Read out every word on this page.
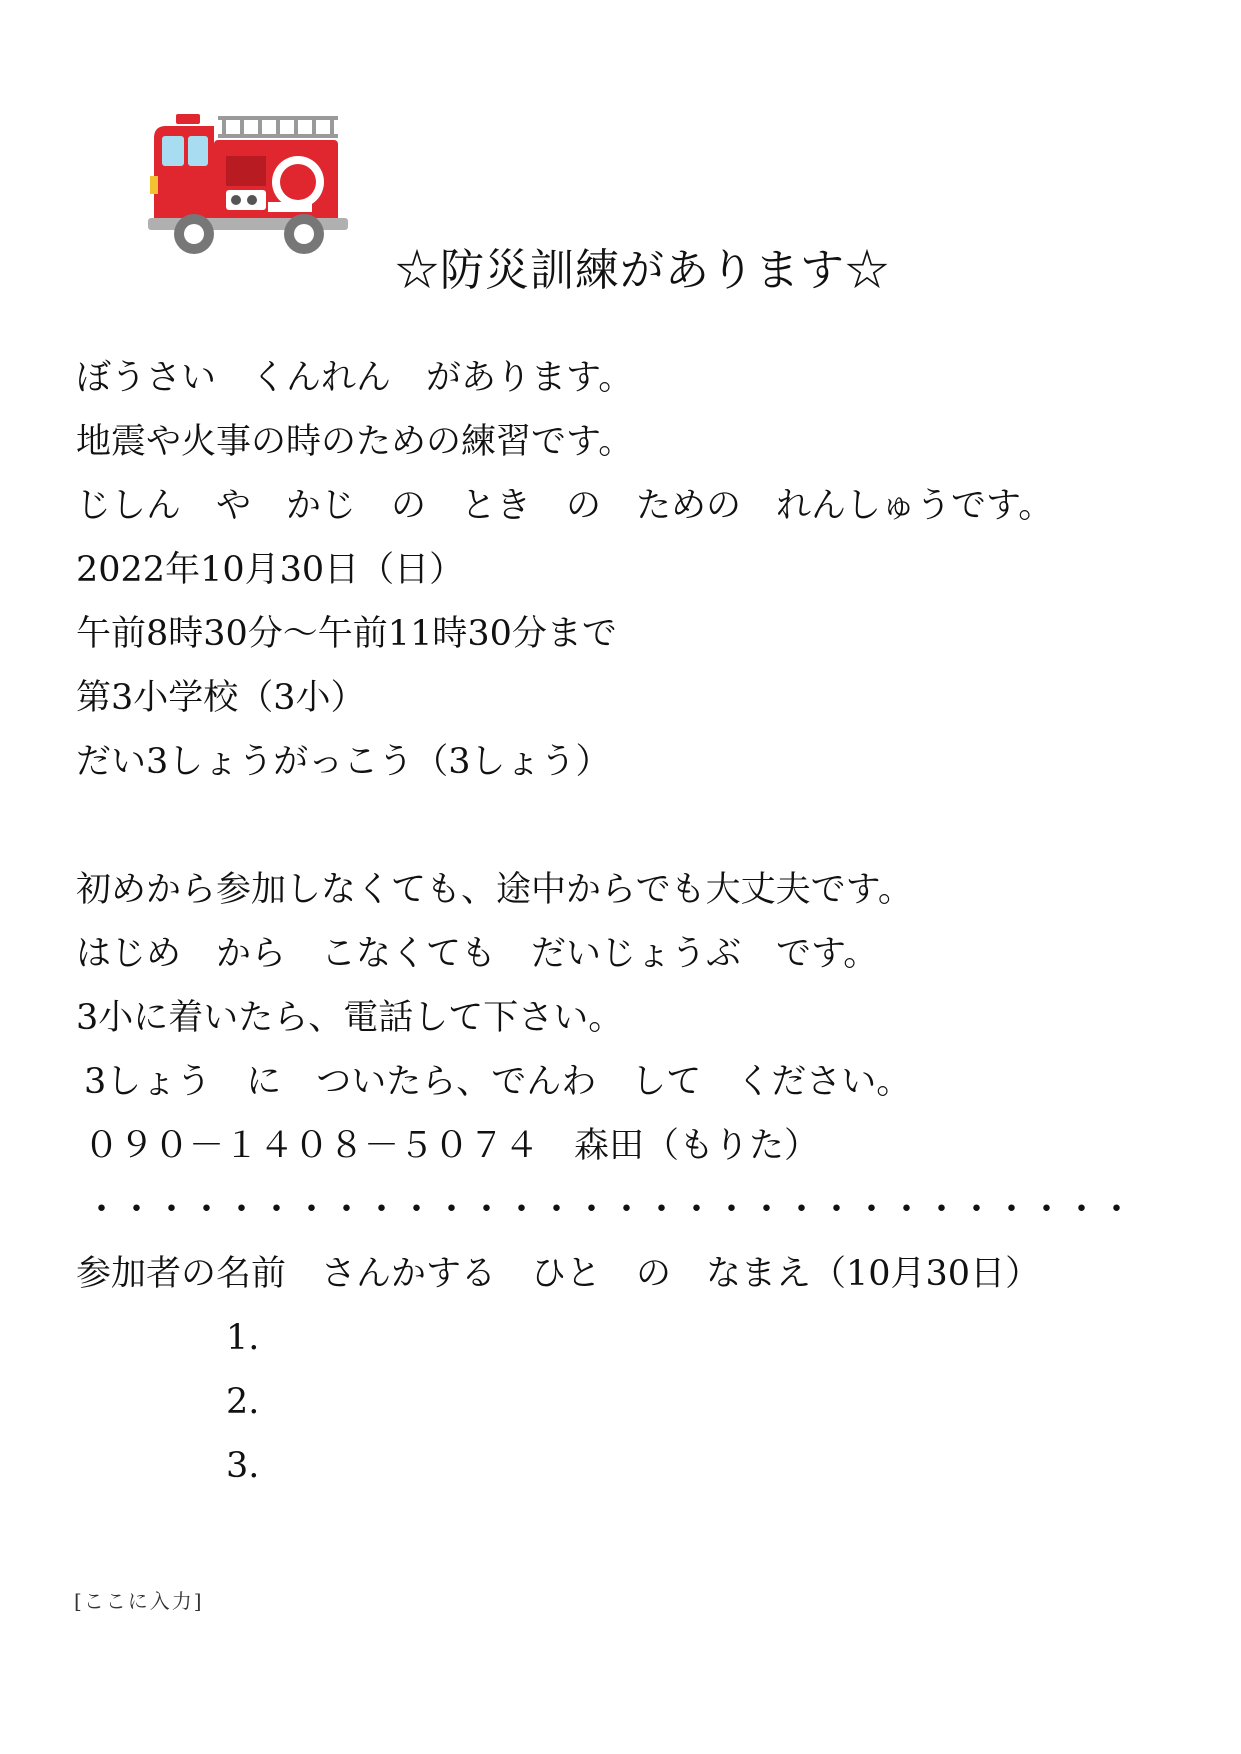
☆防災訓練があります☆
ぼうさい　くんれん　があります。
地震や火事の時のための練習です。
じしん　や　かじ　の　とき　の　ための　れんしゅうです。
2022年10月30日（日）
午前8時30分～午前11時30分まで
第3小学校（3小）
だい3しょうがっこう（3しょう）
初めから参加しなくても、途中からでも大丈夫です。
はじめ　から　こなくても　だいじょうぶ　です。
3小に着いたら、電話して下さい。
3しょう　に　ついたら、でんわ　して　ください。
０９０－１４０８－５０７４　森田（もりた）
・・・・・・・・・・・・・・・・・・・・・・・・・・・・・・
参加者の名前　さんかする　ひと　の　なまえ（10月30日）
1.
2.
3.
[ここに入力]
